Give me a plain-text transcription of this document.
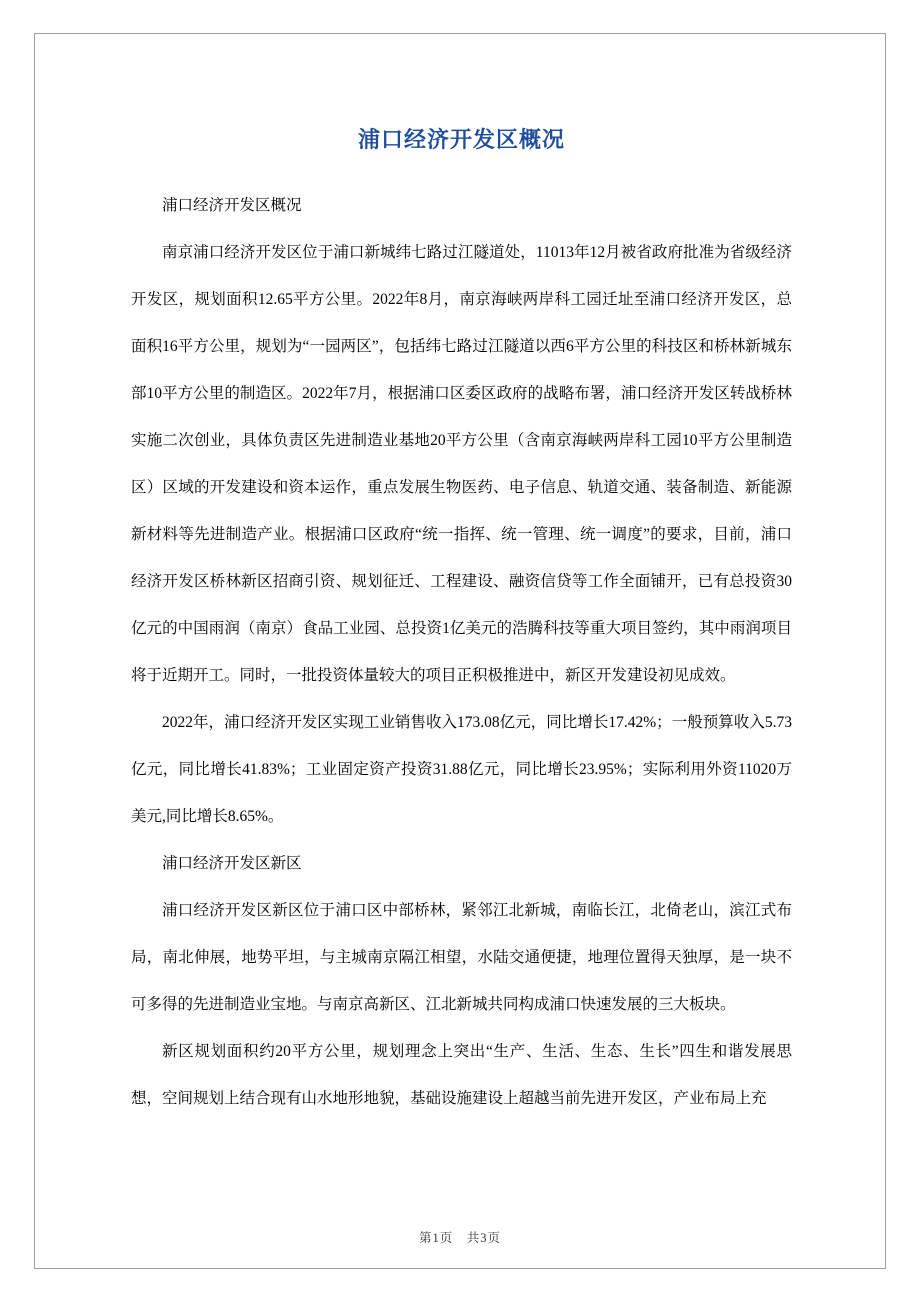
浦口经济开发区概况

浦口经济开发区概况

南京浦口经济开发区位于浦口新城纬七路过江隧道处，11013年12月被省政府批准为省级经济开发区，规划面积12.65平方公里。2022年8月，南京海峡两岸科工园迁址至浦口经济开发区，总面积16平方公里，规划为“一园两区”，包括纬七路过江隧道以西6平方公里的科技区和桥林新城东部10平方公里的制造区。2022年7月，根据浦口区委区政府的战略布署，浦口经济开发区转战桥林实施二次创业，具体负责区先进制造业基地20平方公里（含南京海峡两岸科工园10平方公里制造区）区域的开发建设和资本运作，重点发展生物医药、电子信息、轨道交通、装备制造、新能源新材料等先进制造产业。根据浦口区政府“统一指挥、统一管理、统一调度”的要求，目前，浦口经济开发区桥林新区招商引资、规划征迁、工程建设、融资信贷等工作全面铺开，已有总投资30亿元的中国雨润（南京）食品工业园、总投资1亿美元的浩腾科技等重大项目签约，其中雨润项目将于近期开工。同时，一批投资体量较大的项目正积极推进中，新区开发建设初见成效。

2022年，浦口经济开发区实现工业销售收入173.08亿元，同比增长17.42%；一般预算收入5.73亿元，同比增长41.83%；工业固定资产投资31.88亿元，同比增长23.95%；实际利用外资11020万美元,同比增长8.65%。

浦口经济开发区新区

浦口经济开发区新区位于浦口区中部桥林，紧邻江北新城，南临长江，北倚老山，滨江式布局，南北伸展，地势平坦，与主城南京隔江相望，水陆交通便捷，地理位置得天独厚，是一块不可多得的先进制造业宝地。与南京高新区、江北新城共同构成浦口快速发展的三大板块。

新区规划面积约20平方公里，规划理念上突出“生产、生活、生态、生长”四生和谐发展思想，空间规划上结合现有山水地形地貌，基础设施建设上超越当前先进开发区，产业布局上充

第1页　共3页
